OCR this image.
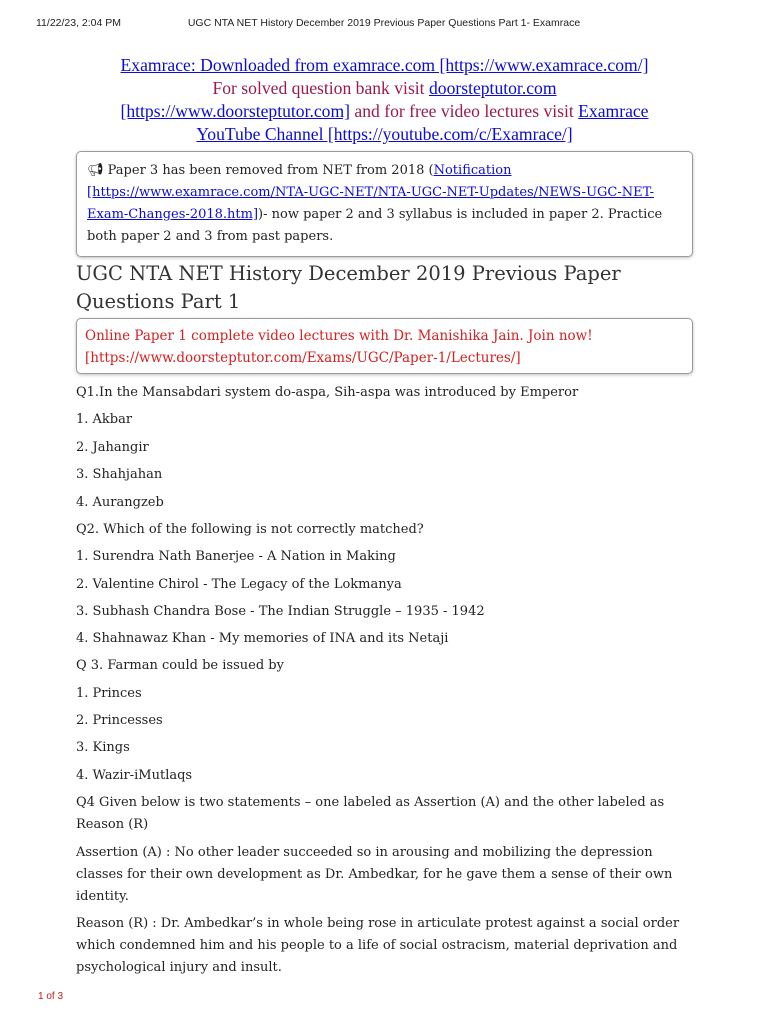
11/22/23, 2:04 PM	UGC NTA NET History December 2019 Previous Paper Questions Part 1- Examrace
Examrace: Downloaded from examrace.com [https://www.examrace.com/]
For solved question bank visit doorsteptutor.com
[https://www.doorsteptutor.com] and for free video lectures visit Examrace
YouTube Channel [https://youtube.com/c/Examrace/]
📢︎ Paper 3 has been removed from NET from 2018 (Notification [https://www.examrace.com/NTA-UGC-NET/NTA-UGC-NET-Updates/NEWS-UGC-NET-Exam-Changes-2018.htm])- now paper 2 and 3 syllabus is included in paper 2. Practice both paper 2 and 3 from past papers.
UGC NTA NET History December 2019 Previous Paper Questions Part 1
Online Paper 1 complete video lectures with Dr. Manishika Jain. Join now! [https://www.doorsteptutor.com/Exams/UGC/Paper-1/Lectures/]
Q1.In the Mansabdari system do-aspa, Sih-aspa was introduced by Emperor
1. Akbar
2. Jahangir
3. Shahjahan
4. Aurangzeb
Q2. Which of the following is not correctly matched?
1. Surendra Nath Banerjee - A Nation in Making
2. Valentine Chirol - The Legacy of the Lokmanya
3. Subhash Chandra Bose - The Indian Struggle – 1935 - 1942
4. Shahnawaz Khan - My memories of INA and its Netaji
Q 3. Farman could be issued by
1. Princes
2. Princesses
3. Kings
4. Wazir-iMutlaqs
Q4 Given below is two statements – one labeled as Assertion (A) and the other labeled as Reason (R)
Assertion (A) : No other leader succeeded so in arousing and mobilizing the depression classes for their own development as Dr. Ambedkar, for he gave them a sense of their own identity.
Reason (R) : Dr. Ambedkar’s in whole being rose in articulate protest against a social order which condemned him and his people to a life of social ostracism, material deprivation and psychological injury and insult.
1 of 3
